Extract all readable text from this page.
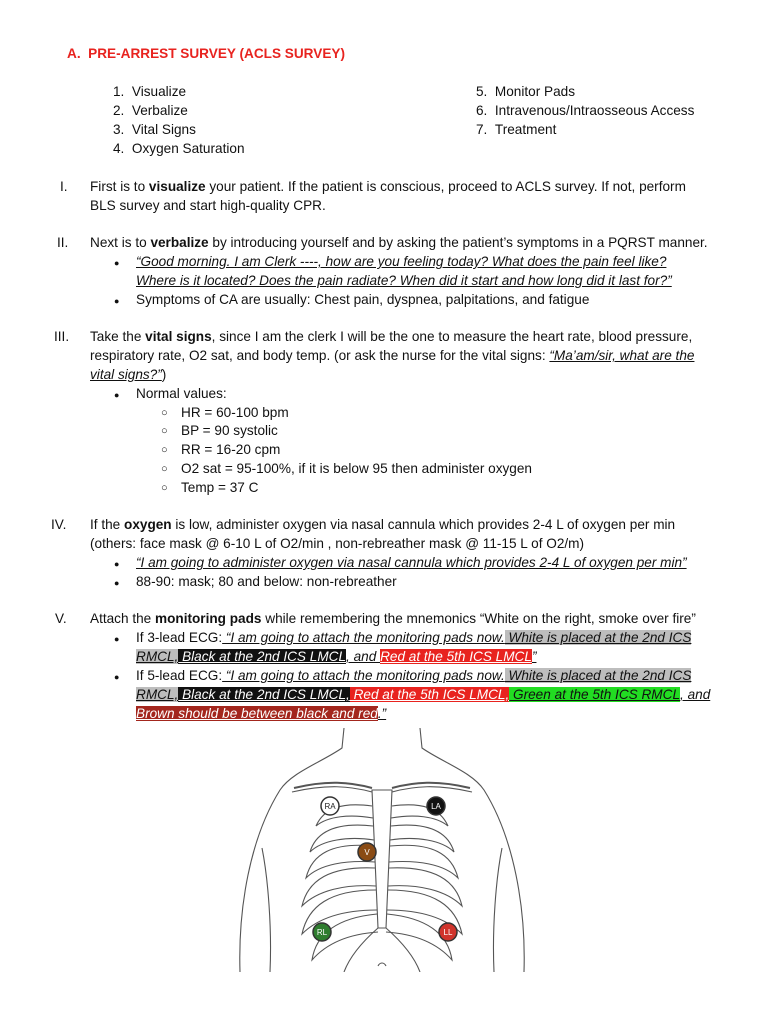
A. PRE-ARREST SURVEY (ACLS SURVEY)
1. Visualize
2. Verbalize
3. Vital Signs
4. Oxygen Saturation
5. Monitor Pads
6. Intravenous/Intraosseous Access
7. Treatment
I. First is to visualize your patient. If the patient is conscious, proceed to ACLS survey. If not, perform
BLS survey and start high-quality CPR.
II. Next is to verbalize by introducing yourself and by asking the patient’s symptoms in a PQRST manner.
● “Good morning. I am Clerk ----, how are you feeling today? What does the pain feel like?
Where is it located? Does the pain radiate? When did it start and how long did it last for?”
● Symptoms of CA are usually: Chest pain, dyspnea, palpitations, and fatigue
III. Take the vital signs, since I am the clerk I will be the one to measure the heart rate, blood pressure,
respiratory rate, O2 sat, and body temp. (or ask the nurse for the vital signs: “Ma’am/sir, what are the
vital signs?”)
● Normal values:
○ HR = 60-100 bpm
○ BP = 90 systolic
○ RR = 16-20 cpm
○ O2 sat = 95-100%, if it is below 95 then administer oxygen
○ Temp = 37 C
IV. If the oxygen is low, administer oxygen via nasal cannula which provides 2-4 L of oxygen per min
(others: face mask @ 6-10 L of O2/min , non-rebreather mask @ 11-15 L of O2/m)
● “I am going to administer oxygen via nasal cannula which provides 2-4 L of oxygen per min”
● 88-90: mask; 80 and below: non-rebreather
V. Attach the monitoring pads while remembering the mnemonics “White on the right, smoke over fire”
● If 3-lead ECG: “I am going to attach the monitoring pads now. White is placed at the 2nd ICS
RMCL, Black at the 2nd ICS LMCL, and Red at the 5th ICS LMCL”
● If 5-lead ECG: “I am going to attach the monitoring pads now. White is placed at the 2nd ICS
RMCL, Black at the 2nd ICS LMCL, Red at the 5th ICS LMCL, Green at the 5th ICS RMCL, and
Brown should be between black and red.”
RA	LA
V
RL	LL
